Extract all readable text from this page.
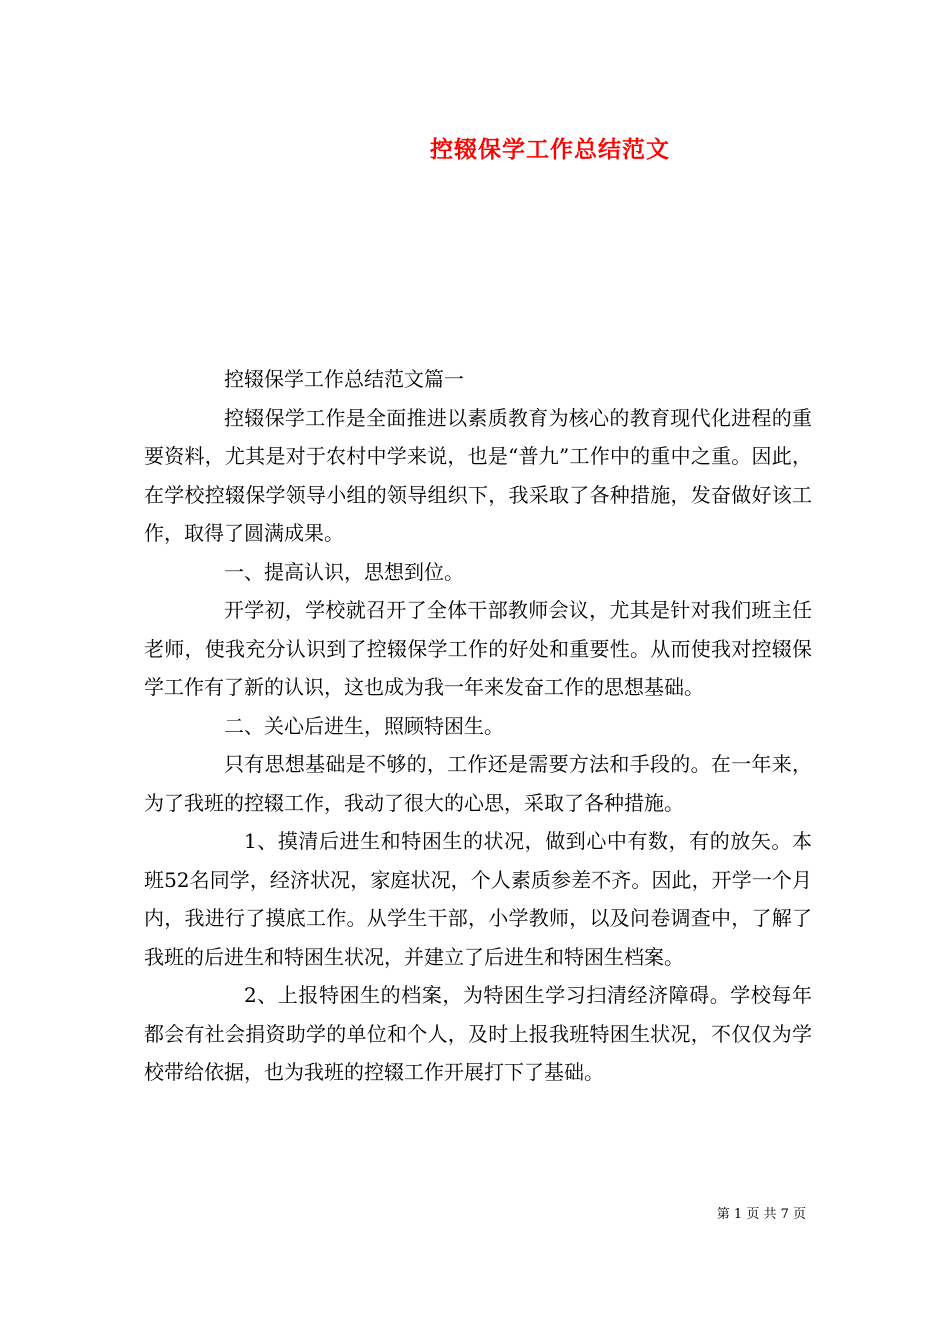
控辍保学工作总结范文

控辍保学工作总结范文篇一

控辍保学工作是全面推进以素质教育为核心的教育现代化进程的重要资料，尤其是对于农村中学来说，也是“普九”工作中的重中之重。因此，在学校控辍保学领导小组的领导组织下，我采取了各种措施，发奋做好该工作，取得了圆满成果。

一、提高认识，思想到位。

开学初，学校就召开了全体干部教师会议，尤其是针对我们班主任老师，使我充分认识到了控辍保学工作的好处和重要性。从而使我对控辍保学工作有了新的认识，这也成为我一年来发奋工作的思想基础。

二、关心后进生，照顾特困生。

只有思想基础是不够的，工作还是需要方法和手段的。在一年来，为了我班的控辍工作，我动了很大的心思，采取了各种措施。

1、摸清后进生和特困生的状况，做到心中有数，有的放矢。本班52名同学，经济状况，家庭状况，个人素质参差不齐。因此，开学一个月内，我进行了摸底工作。从学生干部，小学教师，以及问卷调查中，了解了我班的后进生和特困生状况，并建立了后进生和特困生档案。

2、上报特困生的档案，为特困生学习扫清经济障碍。学校每年都会有社会捐资助学的单位和个人，及时上报我班特困生状况，不仅仅为学校带给依据，也为我班的控辍工作开展打下了基础。

第 1 页 共 7 页
